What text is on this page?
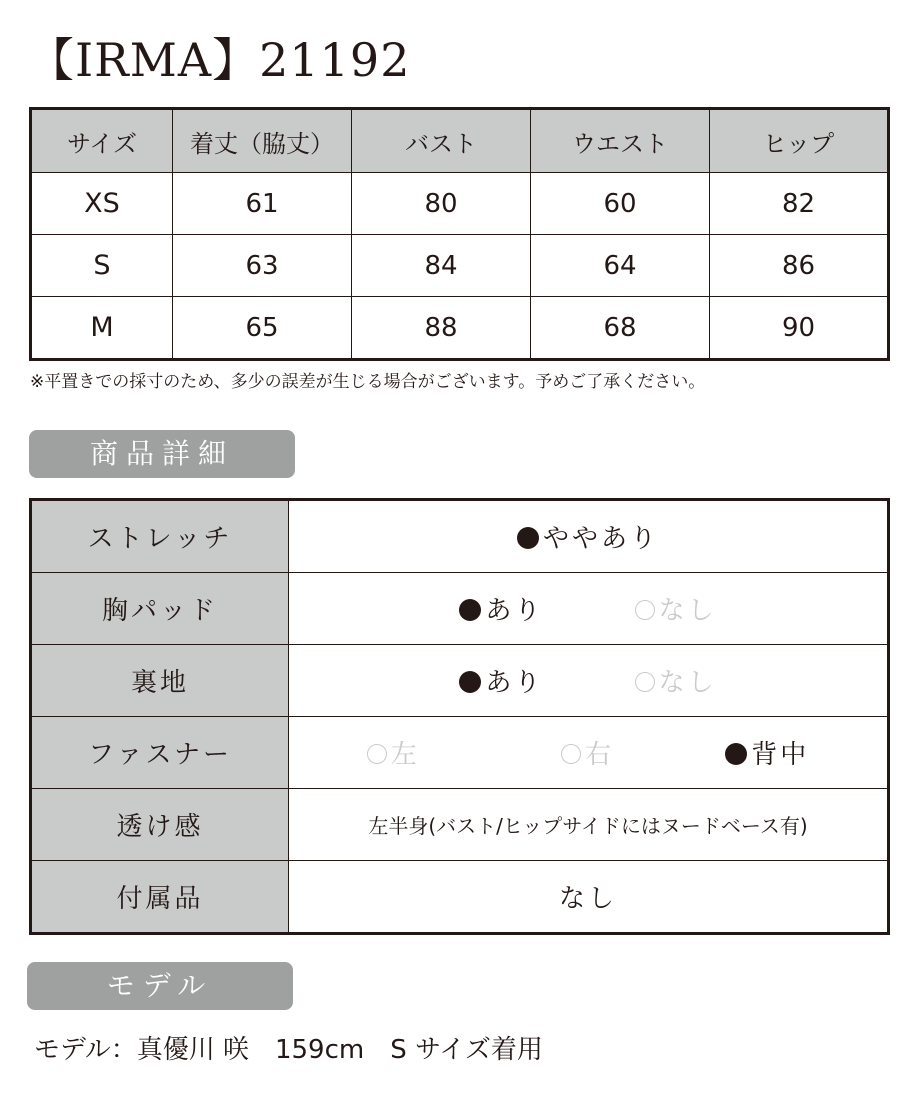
【IRMA】21192
サイズ	着丈（脇丈）	バスト	ウエスト	ヒップ
XS	61	80	60	82
S	63	84	64	86
M	65	88	68	90
※平置きでの採寸のため、多少の誤差が生じる場合がございます。予めご了承ください。
商品詳細
ストレッチ	ややあり
胸パッド	あり なし
裏地	あり なし
ファスナー	左 右 背中
透け感	左半身(バスト/ヒップサイドにはヌードベース有)
付属品	なし
モデル
モデル：真優川 咲　159cm　S サイズ着用
